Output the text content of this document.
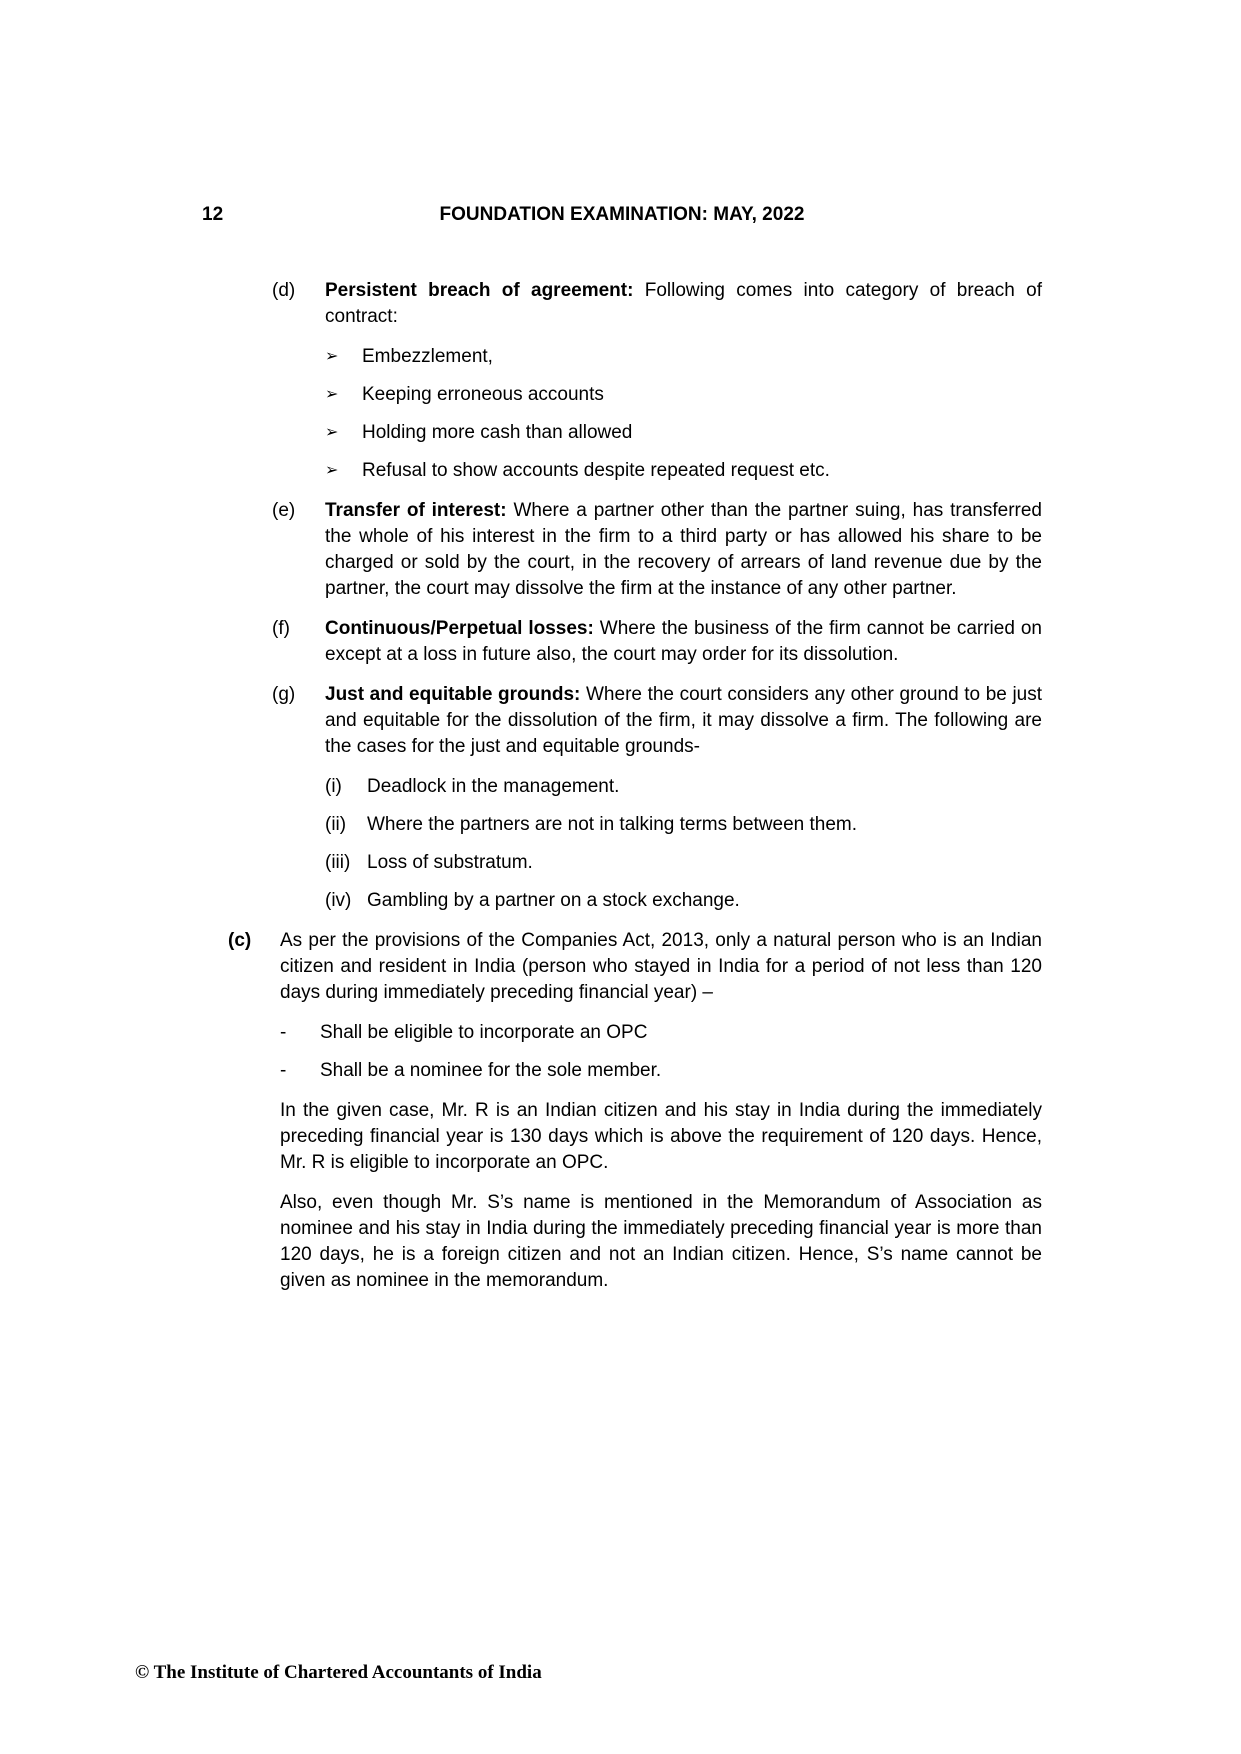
12	FOUNDATION EXAMINATION: MAY, 2022
(d)	Persistent breach of agreement: Following comes into category of breach of contract:

➢	Embezzlement,
➢	Keeping erroneous accounts
➢	Holding more cash than allowed
➢	Refusal to show accounts despite repeated request etc.
(e)	Transfer of interest: Where a partner other than the partner suing, has transferred the whole of his interest in the firm to a third party or has allowed his share to be charged or sold by the court, in the recovery of arrears of land revenue due by the partner, the court may dissolve the firm at the instance of any other partner.

(f)	Continuous/Perpetual losses: Where the business of the firm cannot be carried on except at a loss in future also, the court may order for its dissolution.

(g)	Just and equitable grounds: Where the court considers any other ground to be just and equitable for the dissolution of the firm, it may dissolve a firm. The following are the cases for the just and equitable grounds-

(i)	Deadlock in the management.
(ii)	Where the partners are not in talking terms between them.
(iii) Loss of substratum.
(iv) Gambling by a partner on a stock exchange.
(c)	As per the provisions of the Companies Act, 2013, only a natural person who is an Indian citizen and resident in India (person who stayed in India for a period of not less than 120 days during immediately preceding financial year) –

-	Shall be eligible to incorporate an OPC
-	Shall be a nominee for the sole member.

In the given case, Mr. R is an Indian citizen and his stay in India during the immediately preceding financial year is 130 days which is above the requirement of 120 days. Hence, Mr. R is eligible to incorporate an OPC.

Also, even though Mr. S’s name is mentioned in the Memorandum of Association as nominee and his stay in India during the immediately preceding financial year is more than 120 days, he is a foreign citizen and not an Indian citizen. Hence, S’s name cannot be given as nominee in the memorandum.

© The Institute of Chartered Accountants of India
